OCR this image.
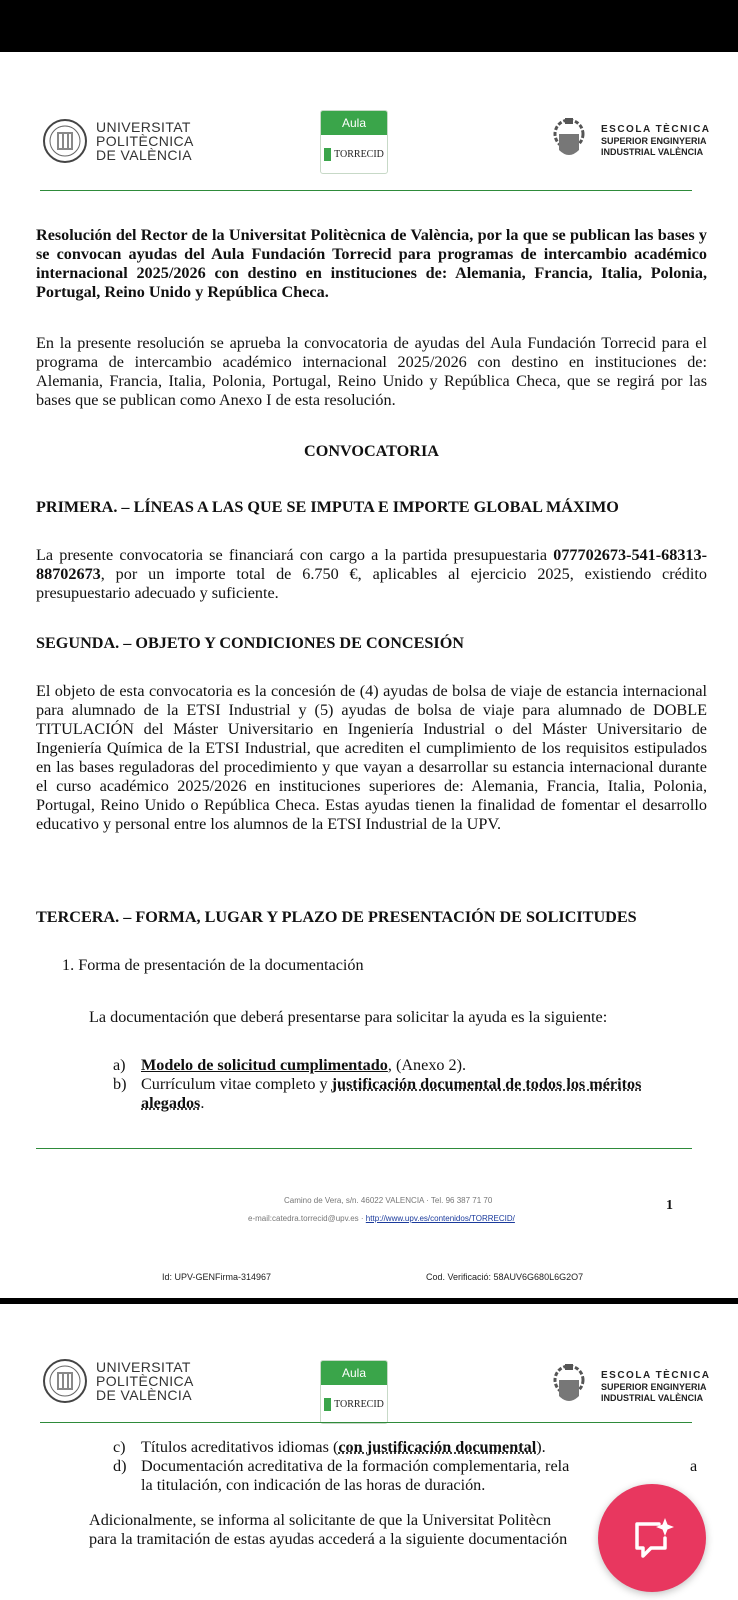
UNIVERSITAT
POLITÈCNICA
DE VALÈNCIA
Aula
TORRECID
ESCOLA TÈCNICA
SUPERIOR ENGINYERIA
INDUSTRIAL VALÈNCIA
Resolución del Rector de la Universitat Politècnica de València, por la que se publican las bases y se convocan ayudas del Aula Fundación Torrecid para programas de intercambio académico internacional 2025/2026 con destino en instituciones de: Alemania, Francia, Italia, Polonia, Portugal, Reino Unido y República Checa.
En la presente resolución se aprueba la convocatoria de ayudas del Aula Fundación Torrecid para el programa de intercambio académico internacional 2025/2026 con destino en instituciones de: Alemania, Francia, Italia, Polonia, Portugal, Reino Unido y República Checa, que se regirá por las bases que se publican como Anexo I de esta resolución.
CONVOCATORIA
PRIMERA. – LÍNEAS A LAS QUE SE IMPUTA E IMPORTE GLOBAL MÁXIMO
La presente convocatoria se financiará con cargo a la partida presupuestaria 077702673-541-68313-88702673, por un importe total de 6.750 €, aplicables al ejercicio 2025, existiendo crédito presupuestario adecuado y suficiente.
SEGUNDA. – OBJETO Y CONDICIONES DE CONCESIÓN
El objeto de esta convocatoria es la concesión de (4) ayudas de bolsa de viaje de estancia internacional para alumnado de la ETSI Industrial y (5) ayudas de bolsa de viaje para alumnado de DOBLE TITULACIÓN del Máster Universitario en Ingeniería Industrial o del Máster Universitario de Ingeniería Química de la ETSI Industrial, que acrediten el cumplimiento de los requisitos estipulados en las bases reguladoras del procedimiento y que vayan a desarrollar su estancia internacional durante el curso académico 2025/2026 en instituciones superiores de: Alemania, Francia, Italia, Polonia, Portugal, Reino Unido o República Checa. Estas ayudas tienen la finalidad de fomentar el desarrollo educativo y personal entre los alumnos de la ETSI Industrial de la UPV.
TERCERA. – FORMA, LUGAR Y PLAZO DE PRESENTACIÓN DE SOLICITUDES
1. Forma de presentación de la documentación
La documentación que deberá presentarse para solicitar la ayuda es la siguiente:
a) Modelo de solicitud cumplimentado, (Anexo 2).
b) Currículum vitae completo y justificación documental de todos los méritos alegados.
Camino de Vera, s/n. 46022 VALENCIA · Tel. 96 387 71 70
e-mail:catedra.torrecid@upv.es · http://www.upv.es/contenidos/TORRECID/
1
Id: UPV-GENFirma-314967	Cod. Verificació: 58AUV6G680L6G2O7
UNIVERSITAT
POLITÈCNICA
DE VALÈNCIA
Aula
TORRECID
ESCOLA TÈCNICA
SUPERIOR ENGINYERIA
INDUSTRIAL VALÈNCIA
c) Títulos acreditativos idiomas (con justificación documental).
d) Documentación acreditativa de la formación complementaria, rela	a
la titulación, con indicación de las horas de duración.
Adicionalmente, se informa al solicitante de que la Universitat Politècn
para la tramitación de estas ayudas accederá a la siguiente documentación
